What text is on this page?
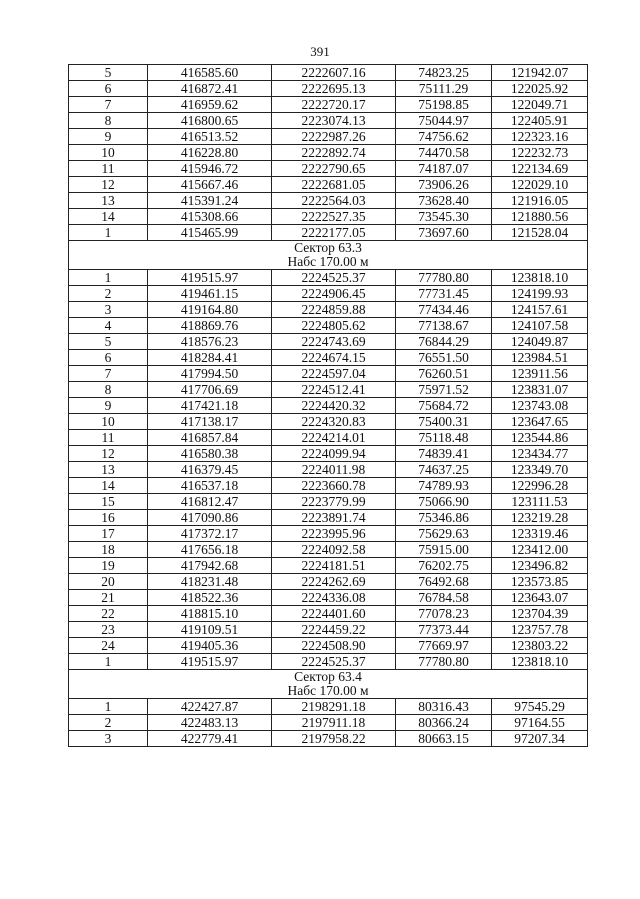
391
5	416585.60	2222607.16	74823.25	121942.07
6	416872.41	2222695.13	75111.29	122025.92
7	416959.62	2222720.17	75198.85	122049.71
8	416800.65	2223074.13	75044.97	122405.91
9	416513.52	2222987.26	74756.62	122323.16
10	416228.80	2222892.74	74470.58	122232.73
11	415946.72	2222790.65	74187.07	122134.69
12	415667.46	2222681.05	73906.26	122029.10
13	415391.24	2222564.03	73628.40	121916.05
14	415308.66	2222527.35	73545.30	121880.56
1	415465.99	2222177.05	73697.60	121528.04

Сектор 63.3
Набс 170.00 м				

1	419515.97	2224525.37	77780.80	123818.10
2	419461.15	2224906.45	77731.45	124199.93
3	419164.80	2224859.88	77434.46	124157.61
4	418869.76	2224805.62	77138.67	124107.58
5	418576.23	2224743.69	76844.29	124049.87
6	418284.41	2224674.15	76551.50	123984.51
7	417994.50	2224597.04	76260.51	123911.56
8	417706.69	2224512.41	75971.52	123831.07
9	417421.18	2224420.32	75684.72	123743.08
10	417138.17	2224320.83	75400.31	123647.65
11	416857.84	2224214.01	75118.48	123544.86
12	416580.38	2224099.94	74839.41	123434.77
13	416379.45	2224011.98	74637.25	123349.70
14	416537.18	2223660.78	74789.93	122996.28
15	416812.47	2223779.99	75066.90	123111.53
16	417090.86	2223891.74	75346.86	123219.28
17	417372.17	2223995.96	75629.63	123319.46
18	417656.18	2224092.58	75915.00	123412.00
19	417942.68	2224181.51	76202.75	123496.82
20	418231.48	2224262.69	76492.68	123573.85
21	418522.36	2224336.08	76784.58	123643.07
22	418815.10	2224401.60	77078.23	123704.39
23	419109.51	2224459.22	77373.44	123757.78
24	419405.36	2224508.90	77669.97	123803.22
1	419515.97	2224525.37	77780.80	123818.10

Сектор 63.4
Набс 170.00 м				

1	422427.87	2198291.18	80316.43	97545.29
2	422483.13	2197911.18	80366.24	97164.55
3	422779.41	2197958.22	80663.15	97207.34
